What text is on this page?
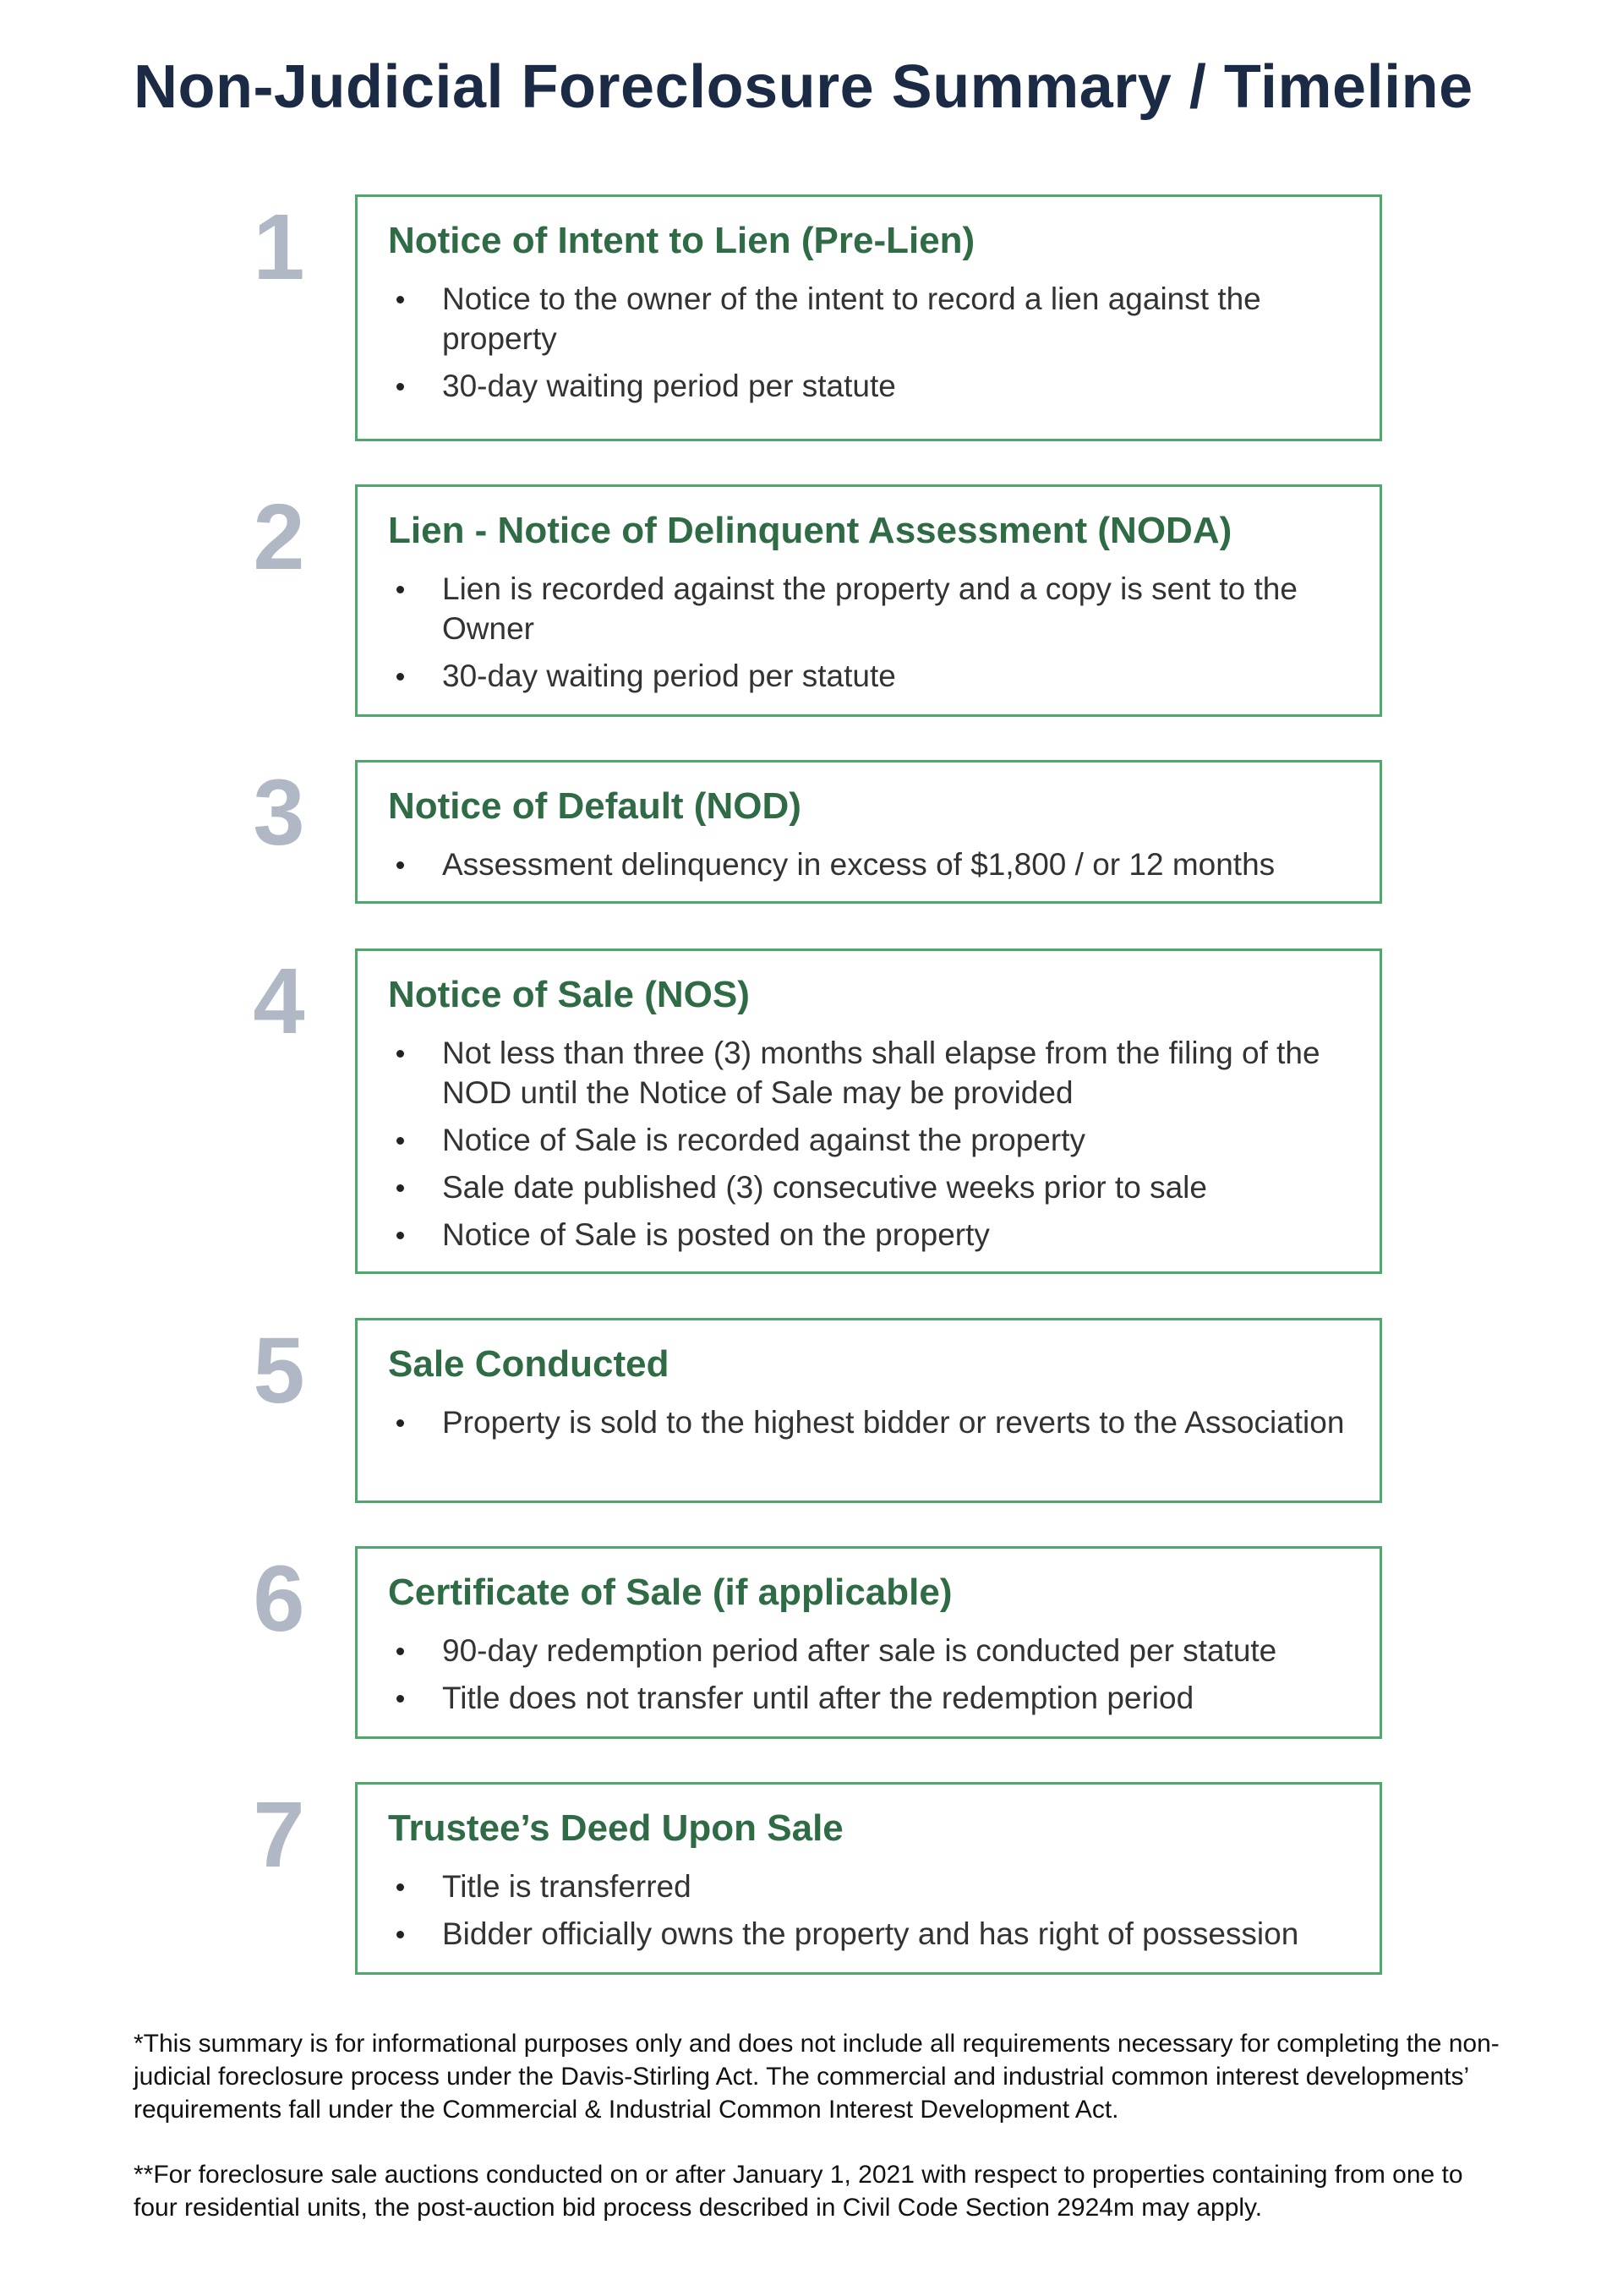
Non-Judicial Foreclosure Summary / Timeline
1 Notice of Intent to Lien (Pre-Lien)
Notice to the owner of the intent to record a lien against the property
30-day waiting period per statute
2 Lien - Notice of Delinquent Assessment (NODA)
Lien is recorded against the property and a copy is sent to the Owner
30-day waiting period per statute
3 Notice of Default (NOD)
Assessment delinquency in excess of $1,800 / or 12 months
4 Notice of Sale (NOS)
Not less than three (3) months shall elapse from the filing of the NOD until the Notice of Sale may be provided
Notice of Sale is recorded against the property
Sale date published (3) consecutive weeks prior to sale
Notice of Sale is posted on the property
5 Sale Conducted
Property is sold to the highest bidder or reverts to the Association
6 Certificate of Sale (if applicable)
90-day redemption period after sale is conducted per statute
Title does not transfer until after the redemption period
7 Trustee’s Deed Upon Sale
Title is transferred
Bidder officially owns the property and has right of possession

*This summary is for informational purposes only and does not include all requirements necessary for completing the non-judicial foreclosure process under the Davis-Stirling Act. The commercial and industrial common interest developments’ requirements fall under the Commercial & Industrial Common Interest Development Act.

**For foreclosure sale auctions conducted on or after January 1, 2021 with respect to properties containing from one to four residential units, the post-auction bid process described in Civil Code Section 2924m may apply.
